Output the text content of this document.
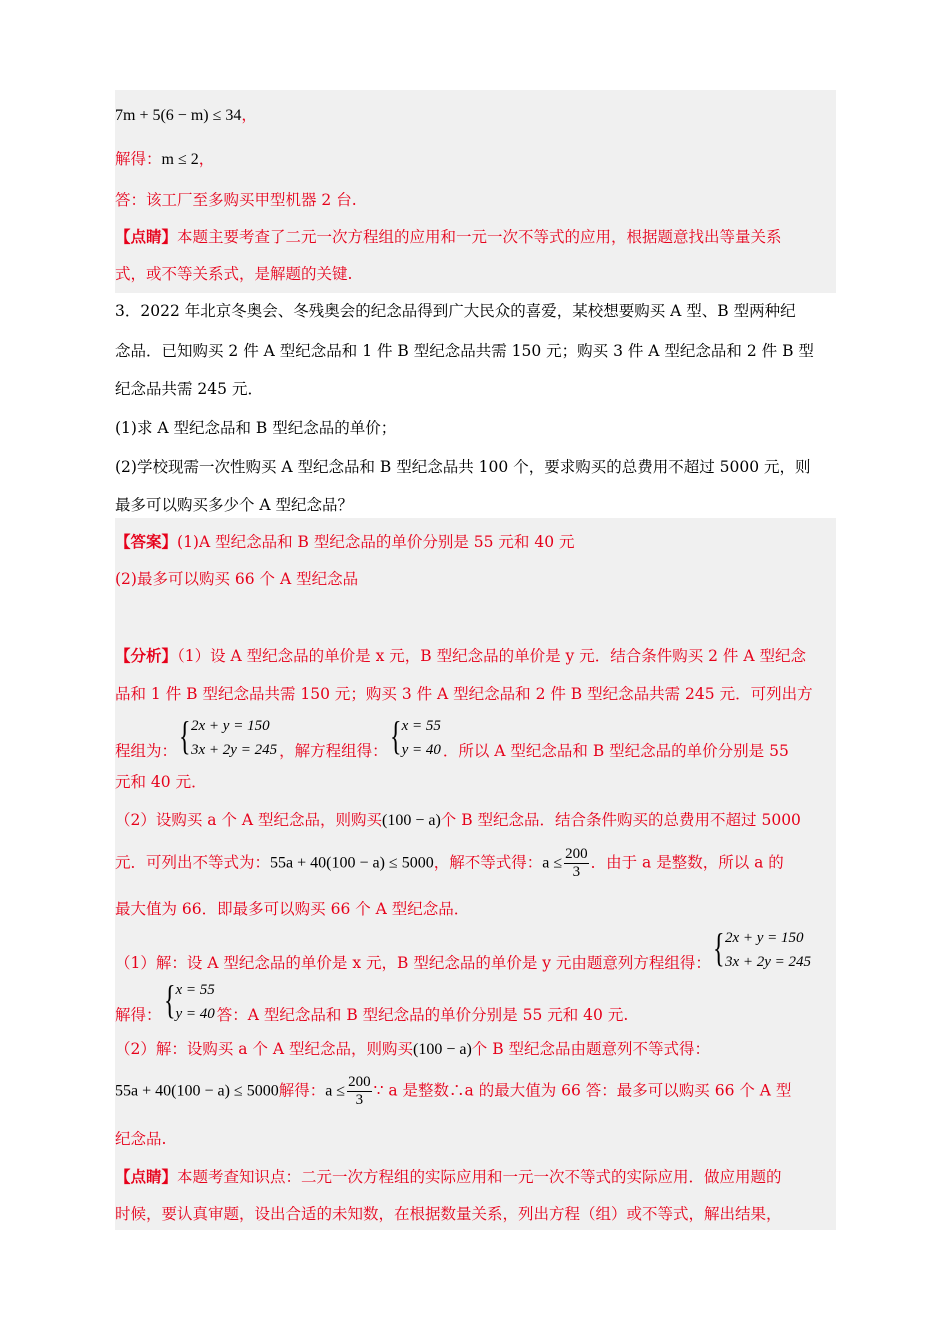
7m + 5(6 − m) ≤ 34，
解得：m ≤ 2，
答：该工厂至多购买甲型机器 2 台.
【点睛】本题主要考查了二元一次方程组的应用和一元一次不等式的应用，根据题意找出等量关系
式，或不等关系式，是解题的关键.
3．2022 年北京冬奥会、冬残奥会的纪念品得到广大民众的喜爱，某校想要购买 A 型、B 型两种纪
念品．已知购买 2 件 A 型纪念品和 1 件 B 型纪念品共需 150 元；购买 3 件 A 型纪念品和 2 件 B 型
纪念品共需 245 元．
(1)求 A 型纪念品和 B 型纪念品的单价；
(2)学校现需一次性购买 A 型纪念品和 B 型纪念品共 100 个，要求购买的总费用不超过 5000 元，则
最多可以购买多少个 A 型纪念品？
【答案】(1)A 型纪念品和 B 型纪念品的单价分别是 55 元和 40 元
(2)最多可以购买 66 个 A 型纪念品
【分析】（1）设 A 型纪念品的单价是 x 元，B 型纪念品的单价是 y 元．结合条件购买 2 件 A 型纪念
品和 1 件 B 型纪念品共需 150 元；购买 3 件 A 型纪念品和 2 件 B 型纪念品共需 245 元．可列出方
程组为： { 2x + y = 150
3x + 2y = 245 ，解方程组得： { x = 55
y = 40 ．所以 A 型纪念品和 B 型纪念品的单价分别是 55
元和 40 元．
（2）设购买 a 个 A 型纪念品，则购买(100 − a)个 B 型纪念品．结合条件购买的总费用不超过 5000
元．可列出不等式为：55a + 40(100 − a) ≤ 5000，解不等式得：$a \le \frac{200}{3}$ ．由于 a 是整数，所以 a 的
最大值为 66．即最多可以购买 66 个 A 型纪念品．
（1）解：设 A 型纪念品的单价是 x 元，B 型纪念品的单价是 y 元由题意列方程组得： { 2x + y = 150
3x + 2y = 245
解得： { x = 55
y = 40 答：A 型纪念品和 B 型纪念品的单价分别是 55 元和 40 元.
（2）解：设购买 a 个 A 型纪念品，则购买(100 − a)个 B 型纪念品由题意列不等式得：
55a + 40(100 − a) ≤ 5000解得：$a \le \frac{200}{3}$ ∵ a 是整数∴a 的最大值为 66 答：最多可以购买 66 个 A 型
纪念品.
【点睛】本题考查知识点：二元一次方程组的实际应用和一元一次不等式的实际应用．做应用题的
时候，要认真审题，设出合适的未知数，在根据数量关系，列出方程（组）或不等式，解出结果，
